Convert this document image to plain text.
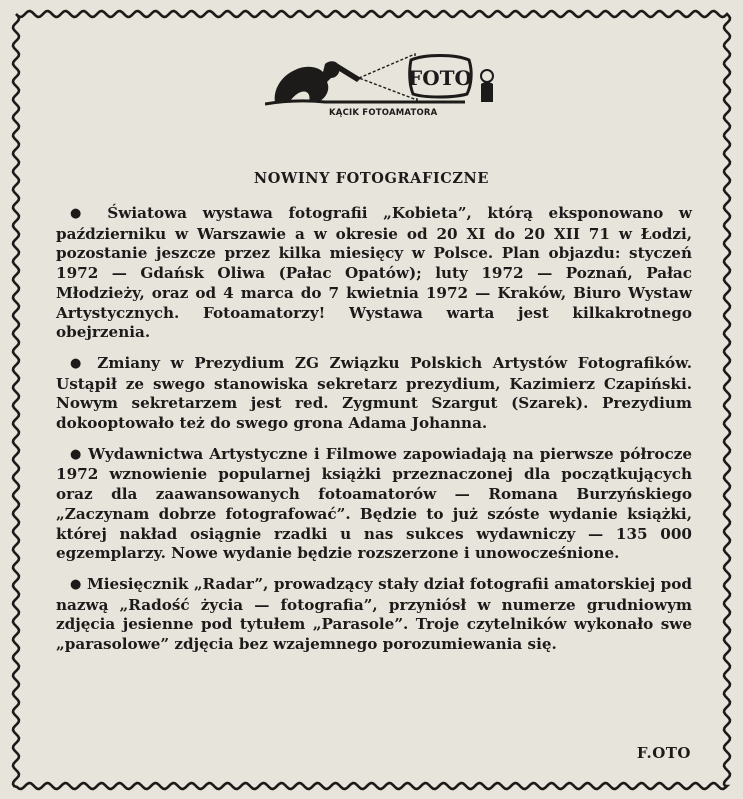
FOTO
KĄCIK FOTOAMATORA
NOWINY FOTOGRAFICZNE

● Światowa wystawa fotografii „Kobieta”, którą eksponowano w październiku w Warszawie a w okresie od 20 XI do 20 XII 71 w Łodzi, pozostanie jeszcze przez kilka miesięcy w Polsce. Plan objazdu: styczeń 1972 — Gdańsk Oliwa (Pałac Opatów); luty 1972 — Poznań, Pałac Młodzieży, oraz od 4 marca do 7 kwietnia 1972 — Kraków, Biuro Wystaw Artystycznych. Fotoamatorzy! Wystawa warta jest kilkakrotnego obejrzenia.

● Zmiany w Prezydium ZG Związku Polskich Artystów Fotografików. Ustąpił ze swego stanowiska sekretarz prezydium, Kazimierz Czapiński. Nowym sekretarzem jest red. Zygmunt Szargut (Szarek). Prezydium dokooptowało też do swego grona Adama Johanna.

● Wydawnictwa Artystyczne i Filmowe zapowiadają na pierwsze półrocze 1972 wznowienie popularnej książki przeznaczonej dla początkujących oraz dla zaawansowanych fotoamatorów — Romana Burzyńskiego „Zaczynam dobrze fotografować”. Będzie to już szóste wydanie książki, której nakład osiągnie rzadki u nas sukces wydawniczy — 135 000 egzemplarzy. Nowe wydanie będzie rozszerzone i unowocześnione.

● Miesięcznik „Radar”, prowadzący stały dział fotografii amatorskiej pod nazwą „Radość życia — fotografia”, przyniósł w numerze grudniowym zdjęcia jesienne pod tytułem „Parasole”. Troje czytelników wykonało swe „parasolowe” zdjęcia bez wzajemnego porozumiewania się.

F.OTO
